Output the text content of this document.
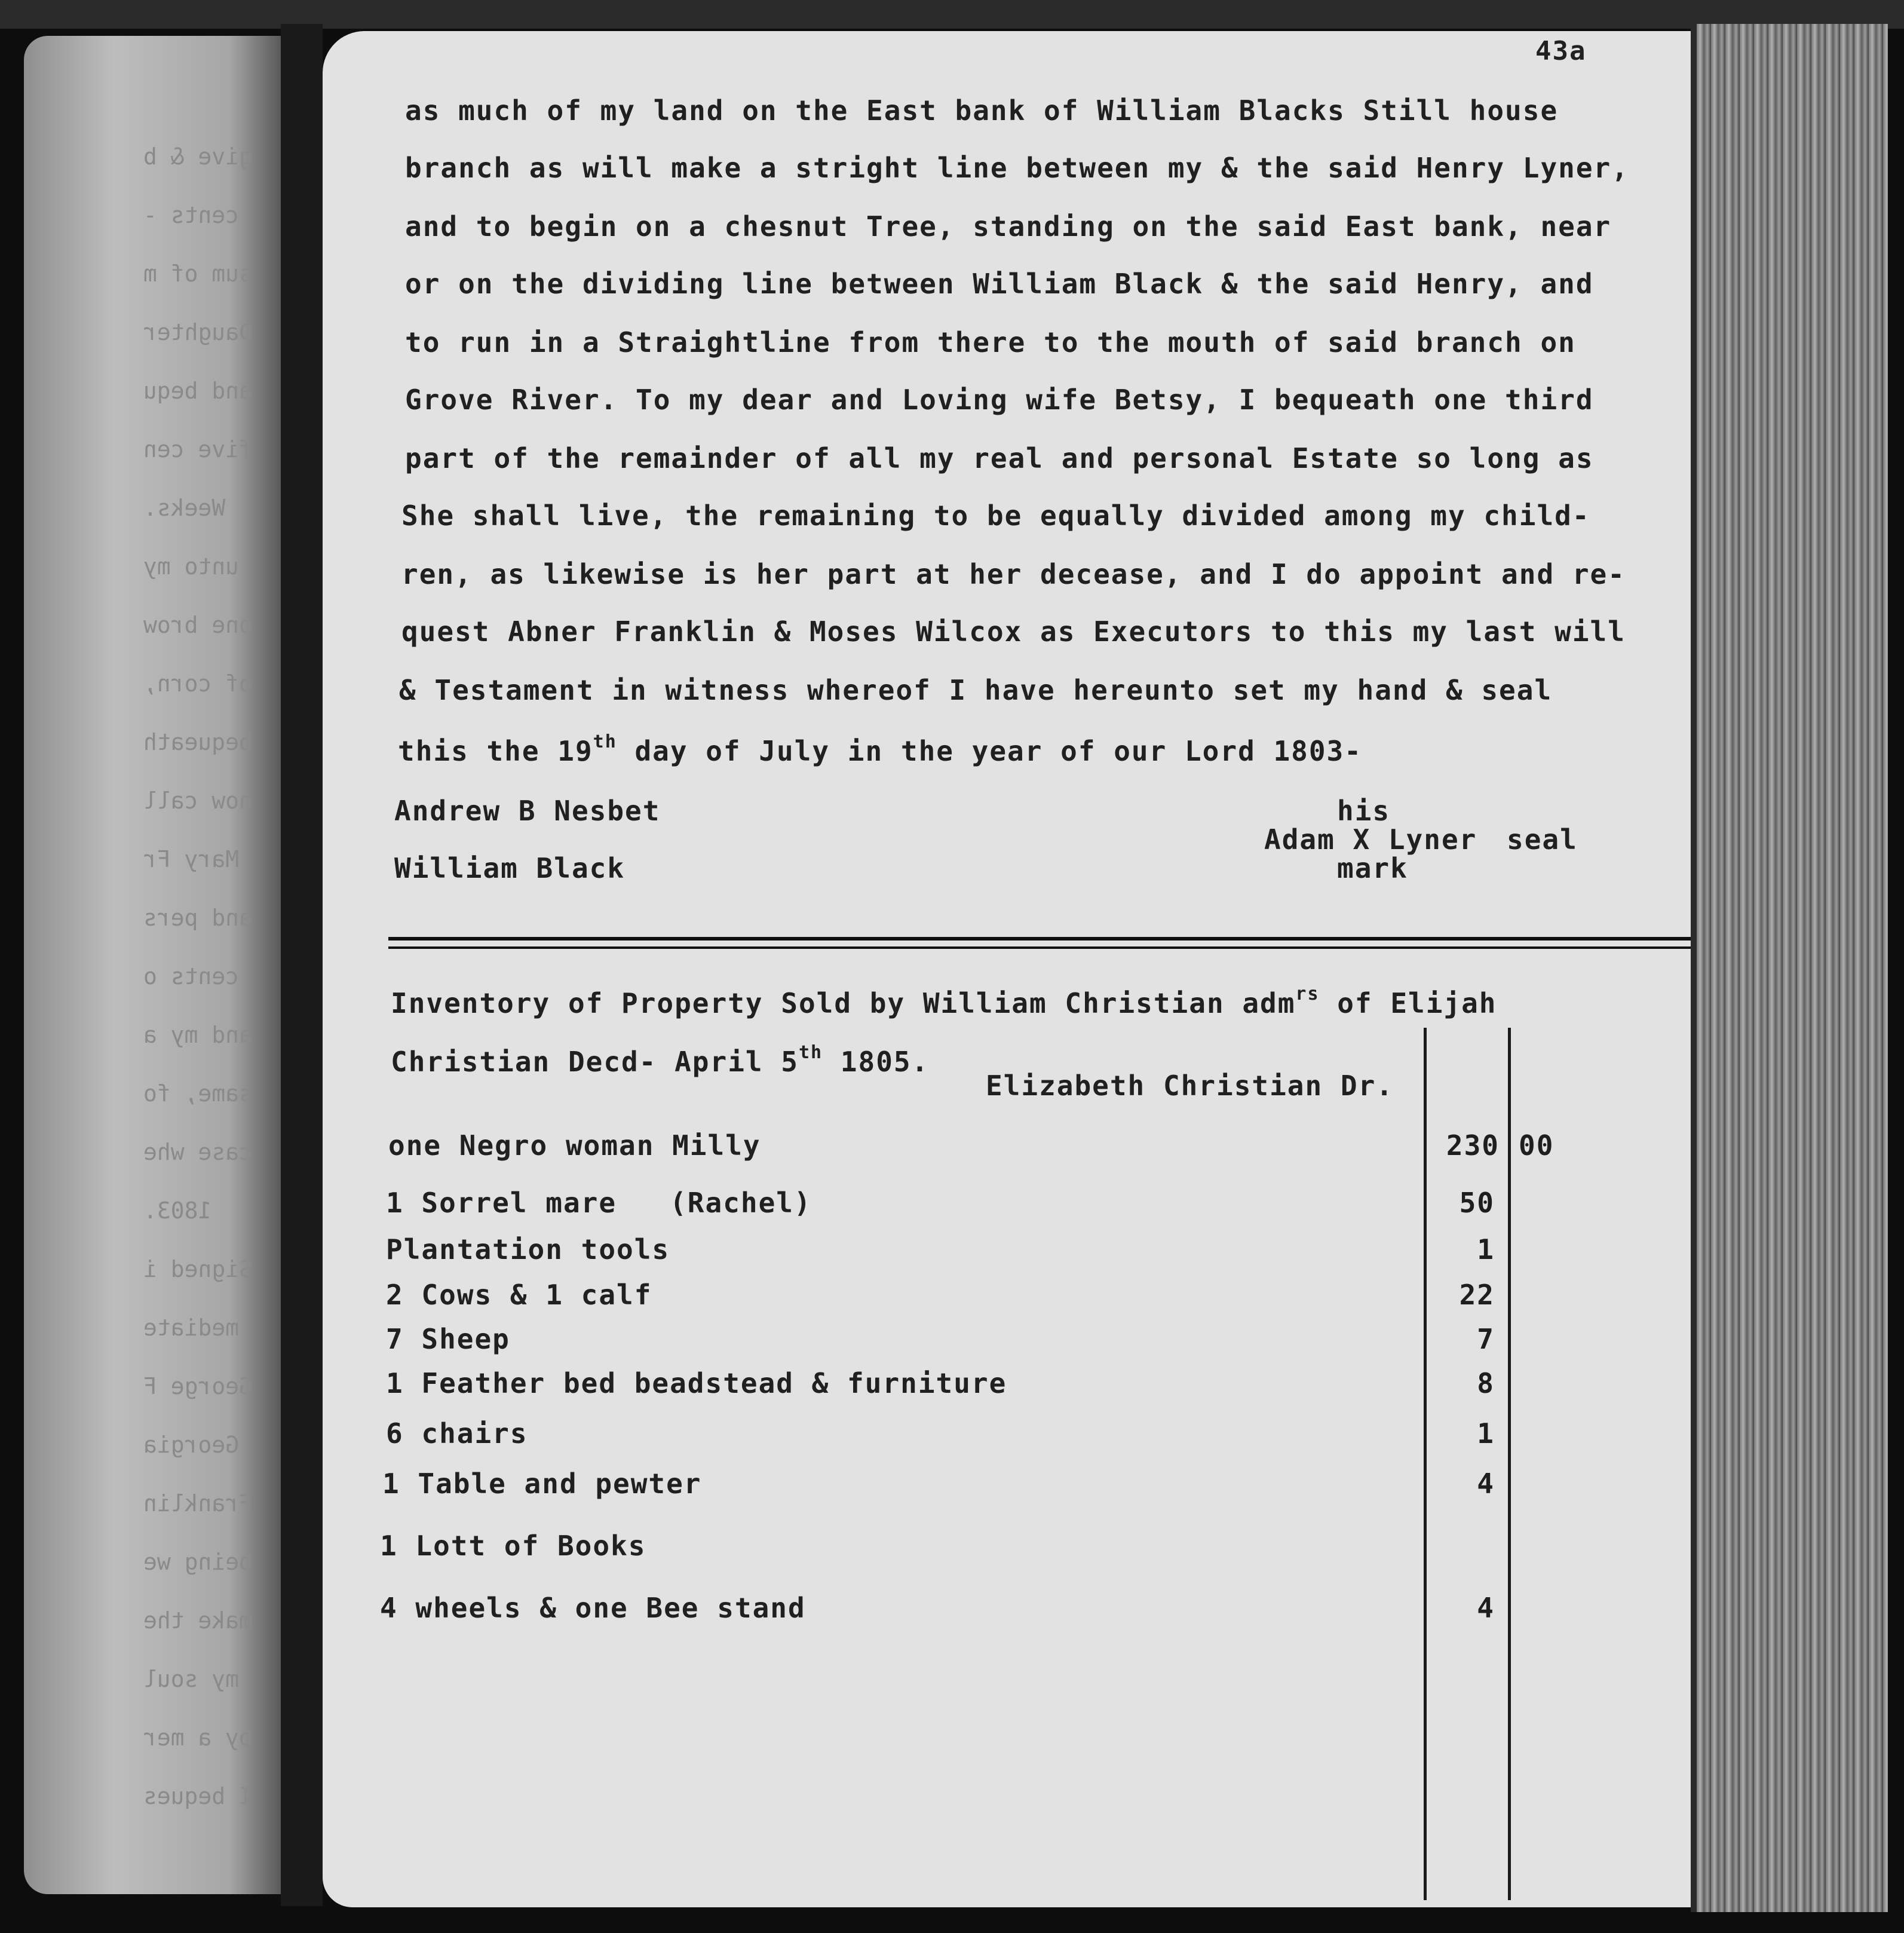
give & b
cents -
sum of m
Daughter
and bequ
five cen
Weeks.
unto my
one brow
of corn,
bequeath
now call
Mary Fr
and pers
cents o
and my a
same, fo
case whe
1803.
Signed i
mediate
George F
Georgia
Franklin
being we
make the
my soul
by a mer
I beques
43a
as much of my land on the East bank of William Blacks Still house
branch as will make a stright line between my & the said Henry Lyner,
and to begin on a chesnut Tree, standing on the said East bank, near
or on the dividing line between William Black & the said Henry, and
to run in a Straightline from there to the mouth of said branch on
Grove River. To my dear and Loving wife Betsy, I bequeath one third
part of the remainder of all my real and personal Estate so long as
She shall live, the remaining to be equally divided among my child-
ren, as likewise is her part at her decease, and I do appoint and re-
quest Abner Franklin & Moses Wilcox as Executors to this my last will
& Testament in witness whereof I have hereunto set my hand & seal
this the 19th day of July in the year of our Lord 1803-
Andrew B Nesbet
William Black
his
Adam X Lyner seal
mark
Inventory of Property Sold by William Christian adm$^{rs}$ of Elijah
Christian Decd- April 5th 1805.
Elizabeth Christian Dr.
one Negro woman Milly	230 00
1 Sorrel mare   (Rachel)	50
Plantation tools	1
2 Cows & 1 calf	22
7 Sheep	7
1 Feather bed beadstead & furniture	8
6 chairs	1
1 Table and pewter	4
1 Lott of Books
4 wheels & one Bee stand	4
